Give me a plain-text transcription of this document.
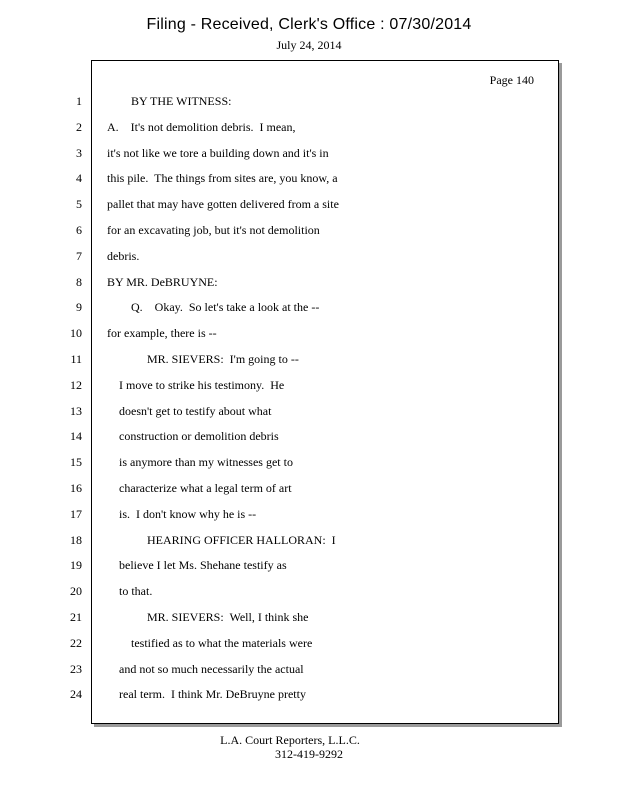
Filing - Received, Clerk's Office : 07/30/2014
July 24, 2014
Page 140
1	BY THE WITNESS:
2 A.    It's not demolition debris.  I mean,
3 it's not like we tore a building down and it's in
4 this pile.  The things from sites are, you know, a
5 pallet that may have gotten delivered from a site
6 for an excavating job, but it's not demolition
7 debris.
8 BY MR. DeBRUYNE:
9	Q.    Okay.  So let's take a look at the --
10 for example, there is --
11	MR. SIEVERS:  I'm going to --
12	I move to strike his testimony.  He
13	doesn't get to testify about what
14	construction or demolition debris
15	is anymore than my witnesses get to
16	characterize what a legal term of art
17	is.  I don't know why he is --
18	HEARING OFFICER HALLORAN:  I
19	believe I let Ms. Shehane testify as
20	to that.
21	MR. SIEVERS:  Well, I think she
22	testified as to what the materials were
23	and not so much necessarily the actual
24	real term.  I think Mr. DeBruyne pretty
L.A. Court Reporters, L.L.C.
312-419-9292
